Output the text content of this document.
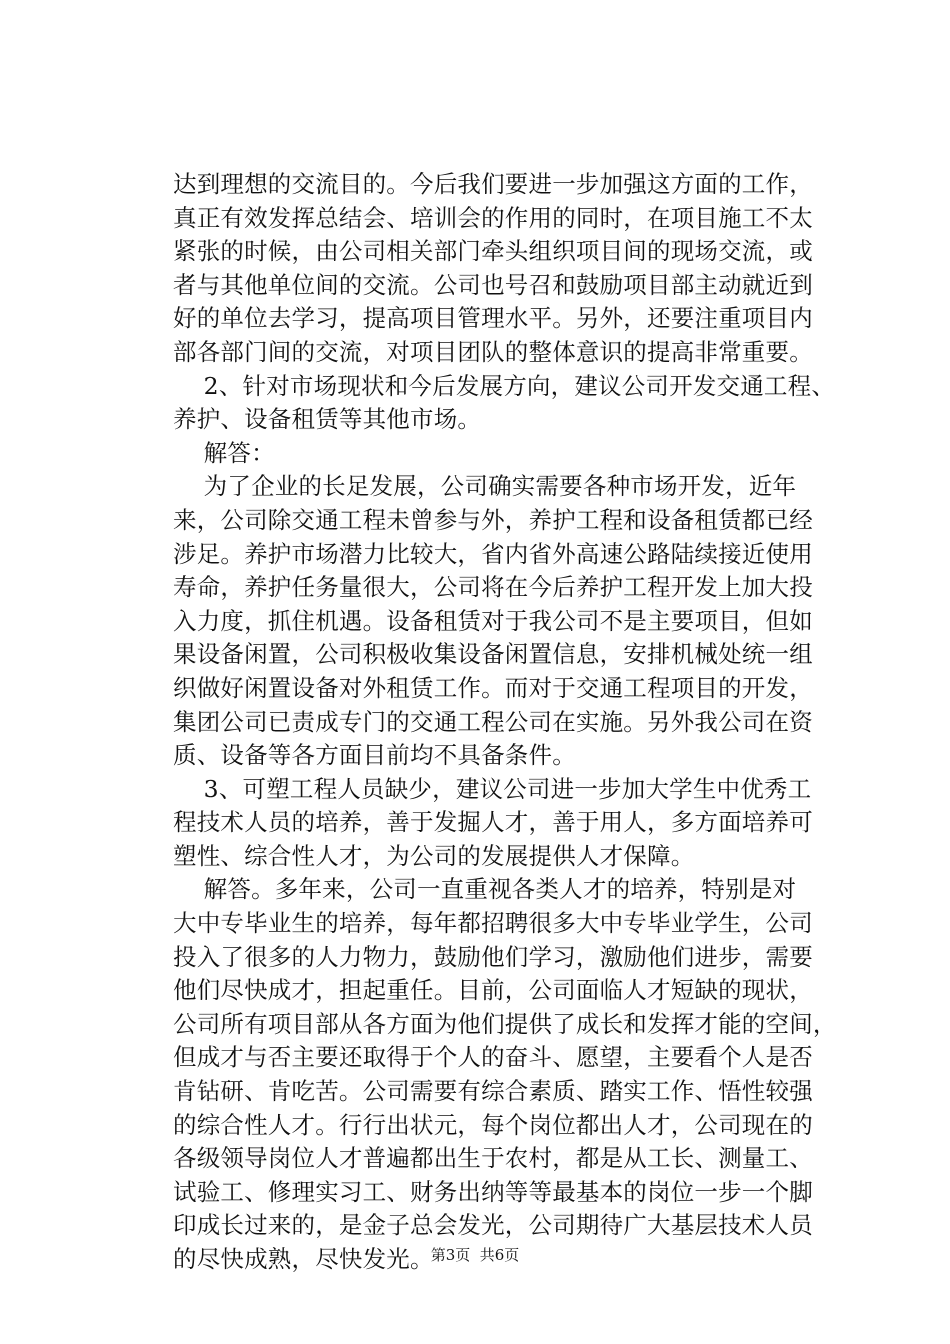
达到理想的交流目的。今后我们要进一步加强这方面的工作，
真正有效发挥总结会、培训会的作用的同时，在项目施工不太
紧张的时候，由公司相关部门牵头组织项目间的现场交流，或
者与其他单位间的交流。公司也号召和鼓励项目部主动就近到
好的单位去学习，提高项目管理水平。另外，还要注重项目内
部各部门间的交流，对项目团队的整体意识的提高非常重要。
2、针对市场现状和今后发展方向，建议公司开发交通工程、
养护、设备租赁等其他市场。
解答：
为了企业的长足发展，公司确实需要各种市场开发，近年
来，公司除交通工程未曾参与外，养护工程和设备租赁都已经
涉足。养护市场潜力比较大，省内省外高速公路陆续接近使用
寿命，养护任务量很大，公司将在今后养护工程开发上加大投
入力度，抓住机遇。设备租赁对于我公司不是主要项目，但如
果设备闲置，公司积极收集设备闲置信息，安排机械处统一组
织做好闲置设备对外租赁工作。而对于交通工程项目的开发，
集团公司已责成专门的交通工程公司在实施。另外我公司在资
质、设备等各方面目前均不具备条件。
3、可塑工程人员缺少，建议公司进一步加大学生中优秀工
程技术人员的培养，善于发掘人才，善于用人，多方面培养可
塑性、综合性人才，为公司的发展提供人才保障。
解答。多年来，公司一直重视各类人才的培养，特别是对
大中专毕业生的培养，每年都招聘很多大中专毕业学生，公司
投入了很多的人力物力，鼓励他们学习，激励他们进步，需要
他们尽快成才，担起重任。目前，公司面临人才短缺的现状，
公司所有项目部从各方面为他们提供了成长和发挥才能的空间，
但成才与否主要还取得于个人的奋斗、愿望，主要看个人是否
肯钻研、肯吃苦。公司需要有综合素质、踏实工作、悟性较强
的综合性人才。行行出状元，每个岗位都出人才，公司现在的
各级领导岗位人才普遍都出生于农村，都是从工长、测量工、
试验工、修理实习工、财务出纳等等最基本的岗位一步一个脚
印成长过来的，是金子总会发光，公司期待广大基层技术人员
的尽快成熟，尽快发光。
第3页  共6页
